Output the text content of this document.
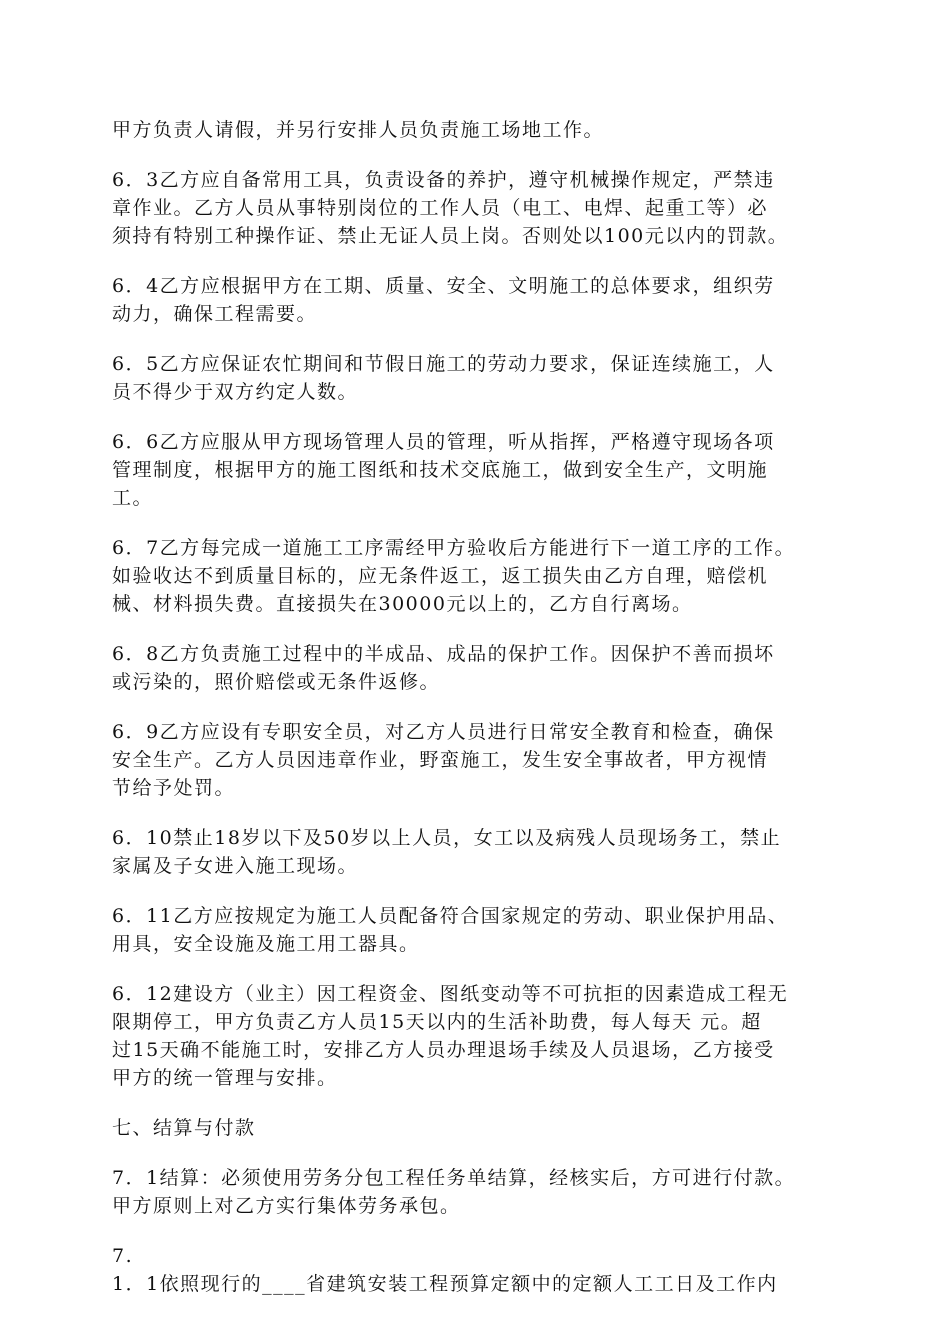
甲方负责人请假，并另行安排人员负责施工场地工作。
6．3乙方应自备常用工具，负责设备的养护，遵守机械操作规定，严禁违
章作业。乙方人员从事特别岗位的工作人员（电工、电焊、起重工等）必
须持有特别工种操作证、禁止无证人员上岗。否则处以100元以内的罚款。
6．4乙方应根据甲方在工期、质量、安全、文明施工的总体要求，组织劳
动力，确保工程需要。
6．5乙方应保证农忙期间和节假日施工的劳动力要求，保证连续施工，人
员不得少于双方约定人数。
6．6乙方应服从甲方现场管理人员的管理，听从指挥，严格遵守现场各项
管理制度，根据甲方的施工图纸和技术交底施工，做到安全生产，文明施
工。
6．7乙方每完成一道施工工序需经甲方验收后方能进行下一道工序的工作。
如验收达不到质量目标的，应无条件返工，返工损失由乙方自理，赔偿机
械、材料损失费。直接损失在30000元以上的，乙方自行离场。
6．8乙方负责施工过程中的半成品、成品的保护工作。因保护不善而损坏
或污染的，照价赔偿或无条件返修。
6．9乙方应设有专职安全员，对乙方人员进行日常安全教育和检查，确保
安全生产。乙方人员因违章作业，野蛮施工，发生安全事故者，甲方视情
节给予处罚。
6．10禁止18岁以下及50岁以上人员，女工以及病残人员现场务工，禁止
家属及子女进入施工现场。
6．11乙方应按规定为施工人员配备符合国家规定的劳动、职业保护用品、
用具，安全设施及施工用工器具。
6．12建设方（业主）因工程资金、图纸变动等不可抗拒的因素造成工程无
限期停工，甲方负责乙方人员15天以内的生活补助费，每人每天 元。超
过15天确不能施工时，安排乙方人员办理退场手续及人员退场，乙方接受
甲方的统一管理与安排。
七、结算与付款
7．1结算：必须使用劳务分包工程任务单结算，经核实后，方可进行付款。
甲方原则上对乙方实行集体劳务承包。
7.
1．1依照现行的____省建筑安装工程预算定额中的定额人工工日及工作内
